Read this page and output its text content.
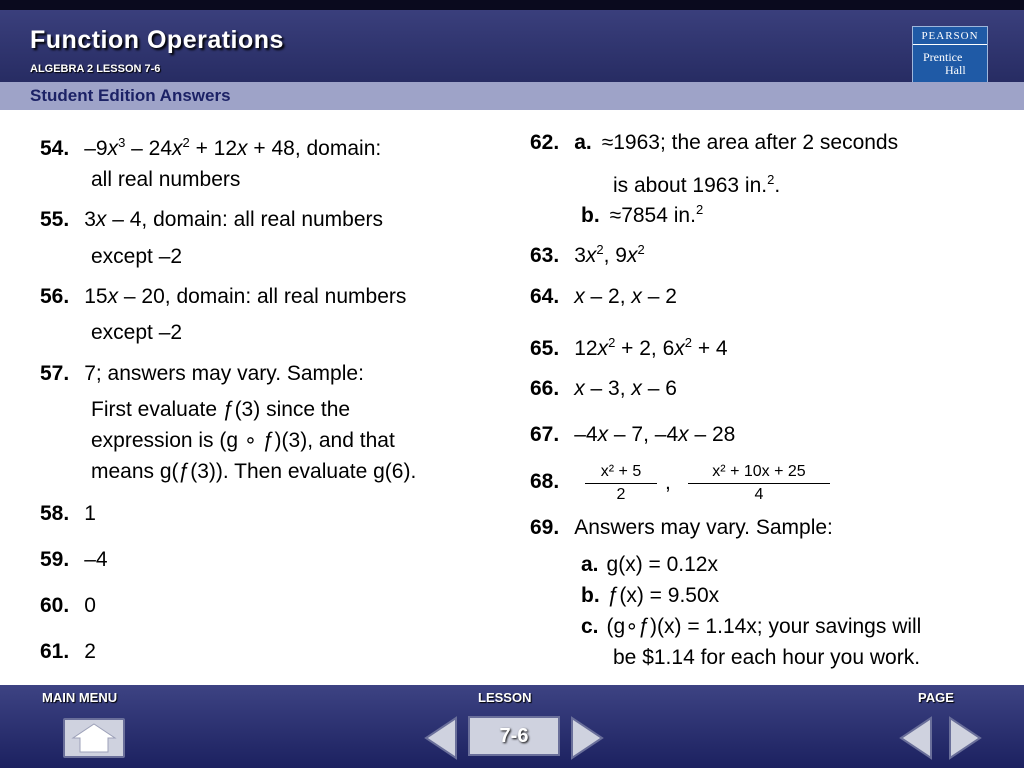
Function Operations
ALGEBRA 2 LESSON 7-6
PEARSON
Prentice
Hall
Student Edition Answers
54. $-9x^3 - 24x^2 + 12x + 48$, domain:
all real numbers
55. 3x – 4, domain: all real numbers
except –2
56. 15x – 20, domain: all real numbers
except –2
57. 7; answers may vary. Sample:
First evaluate ƒ(3) since the
expression is (g ∘ ƒ)(3), and that
means g(ƒ(3)). Then evaluate g(6).
58. 1
59. –4
60. 0
61. 2
62. a. ≈1963; the area after 2 seconds
is about 1963 in.$^2$.
b. ≈7854 in.$^2$
63. $3x^2$, $9x^2$
64. x – 2, x – 2
65. $12x^2 + 2$, $6x^2 + 4$
66. x – 3, x – 6
67. –4x – 7, –4x – 28
68. $\frac{\text{x² + 5}}{2}$ , $\frac{\text{x² + 10x + 25}}{4}$
69. Answers may vary. Sample:
a. g(x) = 0.12x
b. ƒ(x) = 9.50x
c. (g∘ƒ)(x) = 1.14x; your savings will
be $1.14 for each hour you work.
MAIN MENU	LESSON	PAGE
7-6
